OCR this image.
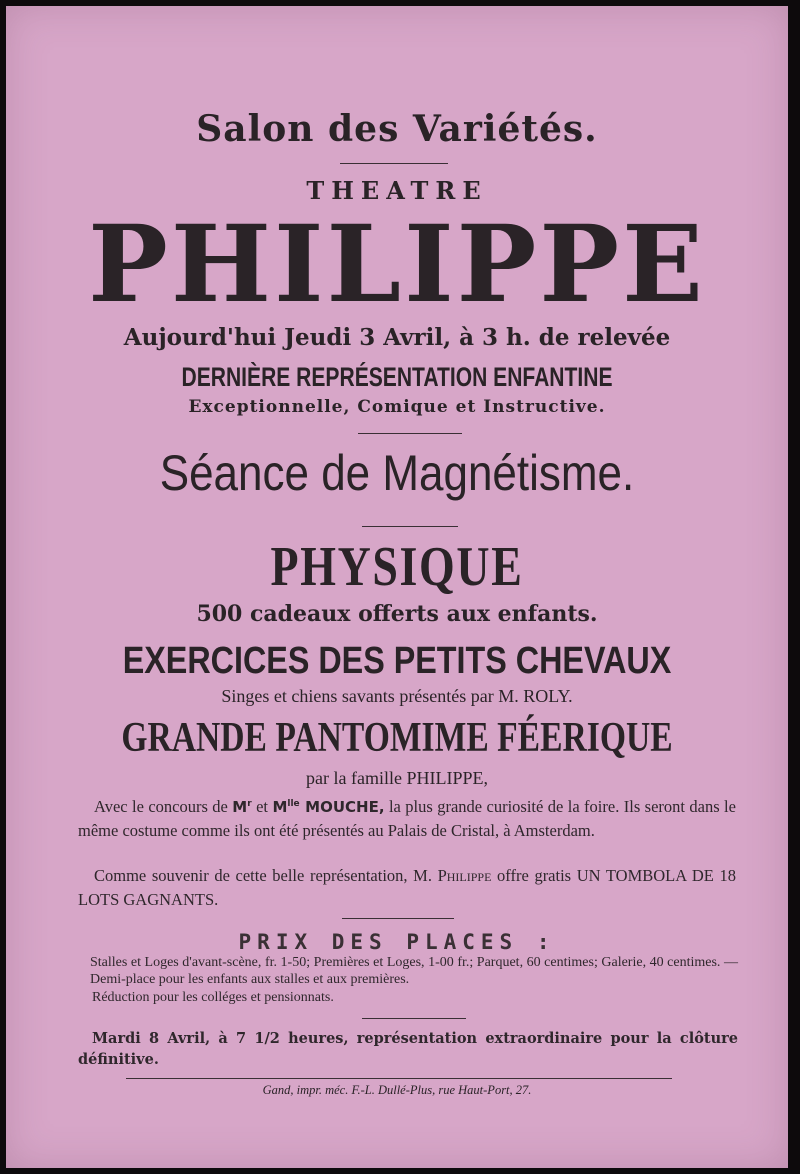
Salon des Variétés.
THEATRE
PHILIPPE
Aujourd'hui Jeudi 3 Avril, à 3 h. de relevée
DERNIÈRE REPRÉSENTATION ENFANTINE
Exceptionnelle, Comique et Instructive.
Séance de Magnétisme.
PHYSIQUE
500 cadeaux offerts aux enfants.
EXERCICES DES PETITS CHEVAUX
Singes et chiens savants présentés par M. ROLY.
GRANDE PANTOMIME FÉERIQUE
par la famille PHILIPPE,
Avec le concours de $M^r$ et $M^{lle}$ MOUCHE, la plus grande curiosité de la foire. Ils seront dans le même costume comme ils ont été présentés au Palais de Cristal, à Amsterdam.
Comme souvenir de cette belle représentation, M. Philippe offre gratis UN TOMBOLA DE 18 LOTS GAGNANTS.
PRIX DES PLACES :
Stalles et Loges d'avant-scène, fr. 1-50; Premières et Loges, 1-00 fr.; Parquet, 60 centimes; Galerie, 40 centimes. — Demi-place pour les enfants aux stalles et aux premières.
Réduction pour les colléges et pensionnats.
Mardi 8 Avril, à 7 1/2 heures, représentation extraordinaire pour la clôture définitive.
Gand, impr. méc. F.-L. Dullé-Plus, rue Haut-Port, 27.
